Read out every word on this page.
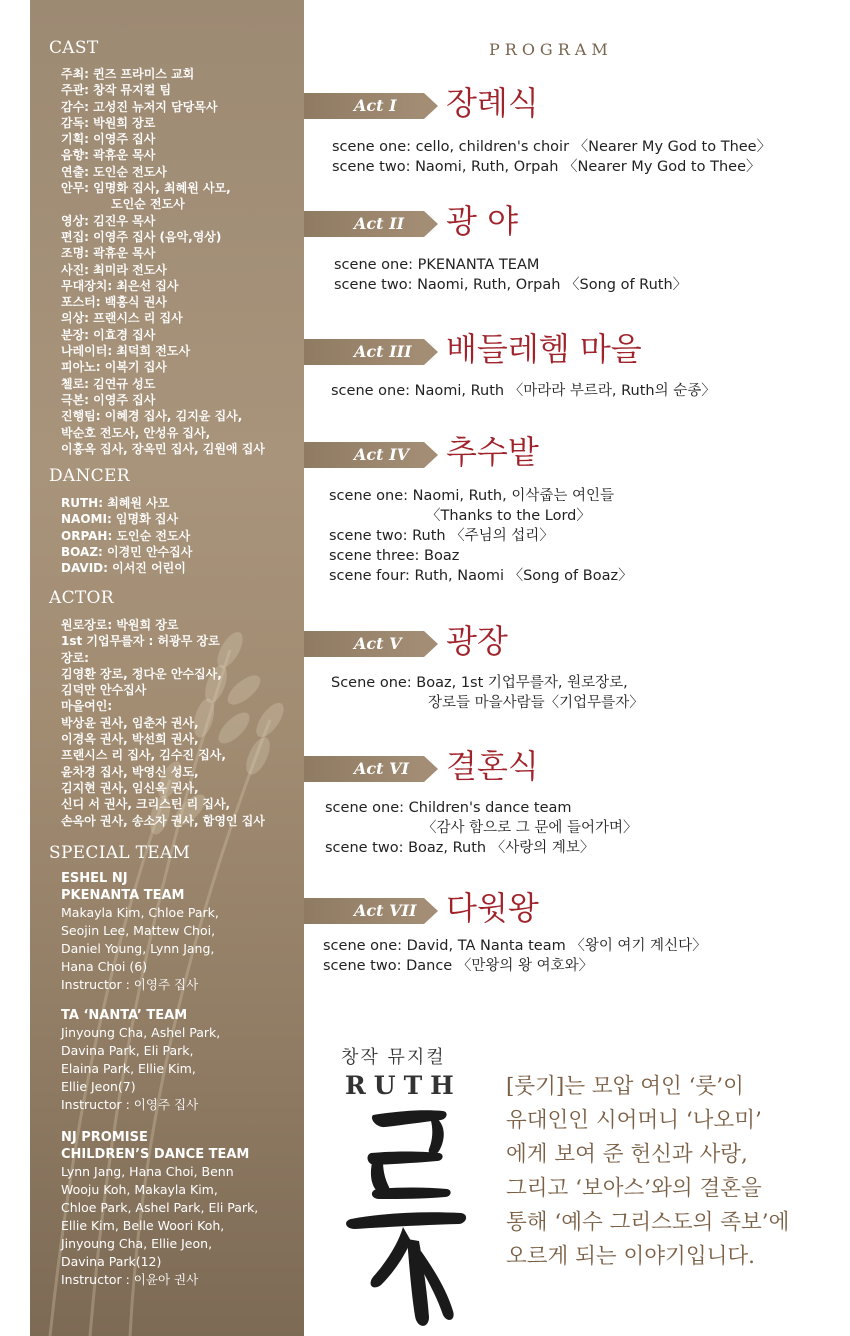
CAST
주최: 퀸즈 프라미스 교회
주관: 창작 뮤지컬 팀
감수: 고성진 뉴저지 담당목사
감독: 박원희 장로
기획: 이영주 집사
음향: 곽휴운 목사
연출: 도인순 전도사
안무: 임명화 집사, 최혜원 사모,
도인순 전도사
영상: 김진우 목사
편집: 이영주 집사 (음악,영상)
조명: 곽휴운 목사
사진: 최미라 전도사
무대장치: 최은선 집사
포스터: 백홍식 권사
의상: 프랜시스 리 집사
분장: 이효경 집사
나레이터: 최덕희 전도사
피아노: 이복기 집사
첼로: 김연규 성도
극본: 이영주 집사
진행팀: 이혜경 집사, 김지윤 집사,
박순호 전도사, 안성유 집사,
이홍옥 집사, 장옥민 집사, 김원애 집사
DANCER
RUTH: 최혜원 사모
NAOMI: 임명화 집사
ORPAH: 도인순 전도사
BOAZ: 이경민 안수집사
DAVID: 이서진 어린이
ACTOR
원로장로: 박원희 장로
1st 기업무를자 : 허광무 장로
장로:
김영환 장로, 정다운 안수집사,
김덕만 안수집사
마을여인:
박상윤 권사, 임춘자 권사,
이경옥 권사, 박선희 권사,
프랜시스 리 집사, 김수진 집사,
윤차경 집사, 박영신 성도,
김지현 권사, 임신옥 권사,
신디 서 권사, 크리스틴 리 집사,
손옥아 권사, 송소자 권사, 함영인 집사
SPECIAL TEAM
ESHEL NJ
PKENANTA TEAM
Makayla Kim, Chloe Park,
Seojin Lee, Mattew Choi,
Daniel Young, Lynn Jang,
Hana Choi (6)
Instructor : 이영주 집사
TA ‘NANTA’ TEAM
Jinyoung Cha, Ashel Park,
Davina Park, Eli Park,
Elaina Park, Ellie Kim,
Ellie Jeon(7)
Instructor : 이영주 집사
NJ PROMISE
CHILDREN’S DANCE TEAM
Lynn Jang, Hana Choi, Benn
Wooju Koh, Makayla Kim,
Chloe Park, Ashel Park, Eli Park,
Ellie Kim, Belle Woori Koh,
Jinyoung Cha, Ellie Jeon,
Davina Park(12)
Instructor : 이윤아 권사
PROGRAM
Act I 장례식
scene one: cello, children's choir 〈Nearer My God to Thee〉
scene two: Naomi, Ruth, Orpah 〈Nearer My God to Thee〉
Act II 광 야
scene one: PKENANTA TEAM
scene two: Naomi, Ruth, Orpah 〈Song of Ruth〉
Act III 배들레헴 마을
scene one: Naomi, Ruth 〈마라라 부르라, Ruth의 순종〉
Act IV 추수밭
scene one: Naomi, Ruth, 이삭줍는 여인들
〈Thanks to the Lord〉
scene two: Ruth 〈주님의 섭리〉
scene three: Boaz
scene four: Ruth, Naomi 〈Song of Boaz〉
Act V 광장
Scene one: Boaz, 1st 기업무를자, 원로장로,
장로들 마을사람들〈기업무를자〉
Act VI 결혼식
scene one: Children's dance team
〈감사 함으로 그 문에 들어가며〉
scene two: Boaz, Ruth 〈사랑의 계보〉
Act VII 다윗왕
scene one: David, TA Nanta team 〈왕이 여기 계신다〉
scene two: Dance 〈만왕의 왕 여호와〉
창작 뮤지컬
RUTH [룻기]는 모압 여인 ‘룻’이
유대인인 시어머니 ‘나오미’
에게 보여 준 헌신과 사랑,
그리고 ‘보아스’와의 결혼을
통해 ‘예수 그리스도의 족보’에
오르게 되는 이야기입니다.
